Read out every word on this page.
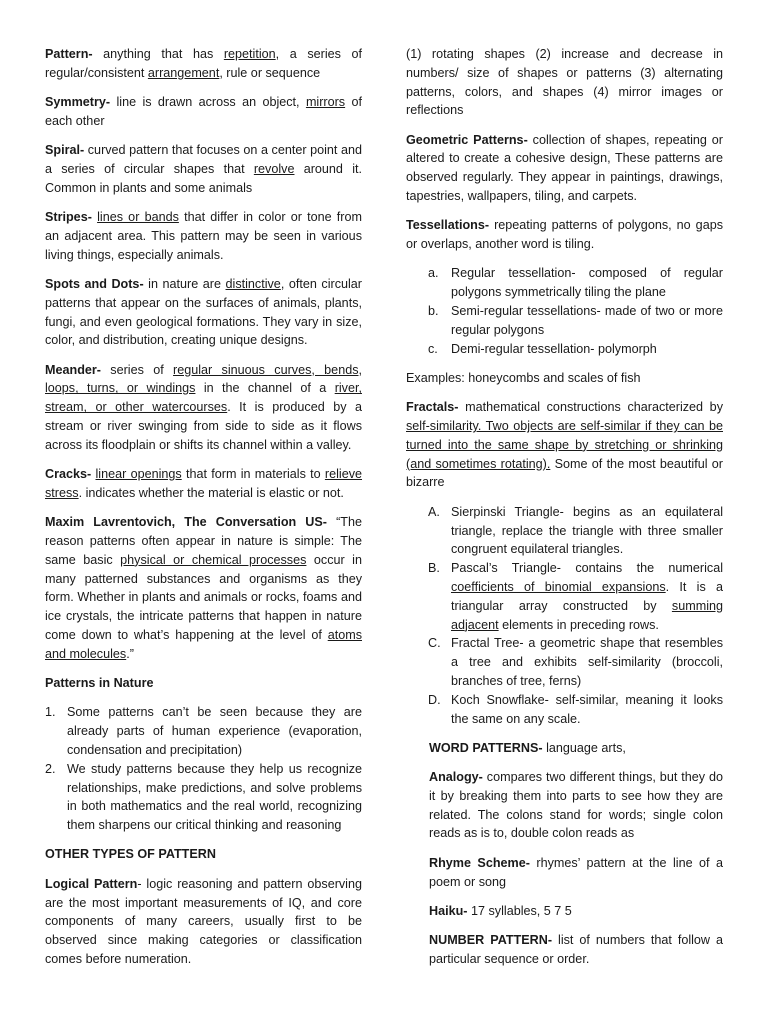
Pattern- anything that has repetition, a series of regular/consistent arrangement, rule or sequence

Symmetry- line is drawn across an object, mirrors of each other

Spiral- curved pattern that focuses on a center point and a series of circular shapes that revolve around it. Common in plants and some animals

Stripes- lines or bands that differ in color or tone from an adjacent area. This pattern may be seen in various living things, especially animals.

Spots and Dots- in nature are distinctive, often circular patterns that appear on the surfaces of animals, plants, fungi, and even geological formations. They vary in size, color, and distribution, creating unique designs.

Meander- series of regular sinuous curves, bends, loops, turns, or windings in the channel of a river, stream, or other watercourses. It is produced by a stream or river swinging from side to side as it flows across its floodplain or shifts its channel within a valley.

Cracks- linear openings that form in materials to relieve stress. indicates whether the material is elastic or not.

Maxim Lavrentovich, The Conversation US- “The reason patterns often appear in nature is simple: The same basic physical or chemical processes occur in many patterned substances and organisms as they form. Whether in plants and animals or rocks, foams and ice crystals, the intricate patterns that happen in nature come down to what’s happening at the level of atoms and molecules.”

Patterns in Nature

1. Some patterns can’t be seen because they are already parts of human experience (evaporation, condensation and precipitation)
2. We study patterns because they help us recognize relationships, make predictions, and solve problems in both mathematics and the real world, recognizing them sharpens our critical thinking and reasoning

OTHER TYPES OF PATTERN

Logical Pattern- logic reasoning and pattern observing are the most important measurements of IQ, and core components of many careers, usually first to be observed since making categories or classification comes before numeration.

(1) rotating shapes (2) increase and decrease in numbers/ size of shapes or patterns (3) alternating patterns, colors, and shapes (4) mirror images or reflections

Geometric Patterns- collection of shapes, repeating or altered to create a cohesive design, These patterns are observed regularly. They appear in paintings, drawings, tapestries, wallpapers, tiling, and carpets.

Tessellations- repeating patterns of polygons, no gaps or overlaps, another word is tiling.

a. Regular tessellation- composed of regular polygons symmetrically tiling the plane
b. Semi-regular tessellations- made of two or more regular polygons
c. Demi-regular tessellation- polymorph

Examples: honeycombs and scales of fish

Fractals- mathematical constructions characterized by self-similarity. Two objects are self-similar if they can be turned into the same shape by stretching or shrinking (and sometimes rotating). Some of the most beautiful or bizarre

A. Sierpinski Triangle- begins as an equilateral triangle, replace the triangle with three smaller congruent equilateral triangles.
B. Pascal’s Triangle- contains the numerical coefficients of binomial expansions. It is a triangular array constructed by summing adjacent elements in preceding rows.
C. Fractal Tree- a geometric shape that resembles a tree and exhibits self-similarity (broccoli, branches of tree, ferns)
D. Koch Snowflake- self-similar, meaning it looks the same on any scale.

WORD PATTERNS- language arts,

Analogy- compares two different things, but they do it by breaking them into parts to see how they are related. The colons stand for words; single colon reads as is to, double colon reads as

Rhyme Scheme- rhymes’ pattern at the line of a poem or song

Haiku- 17 syllables, 5 7 5

NUMBER PATTERN- list of numbers that follow a particular sequence or order.
